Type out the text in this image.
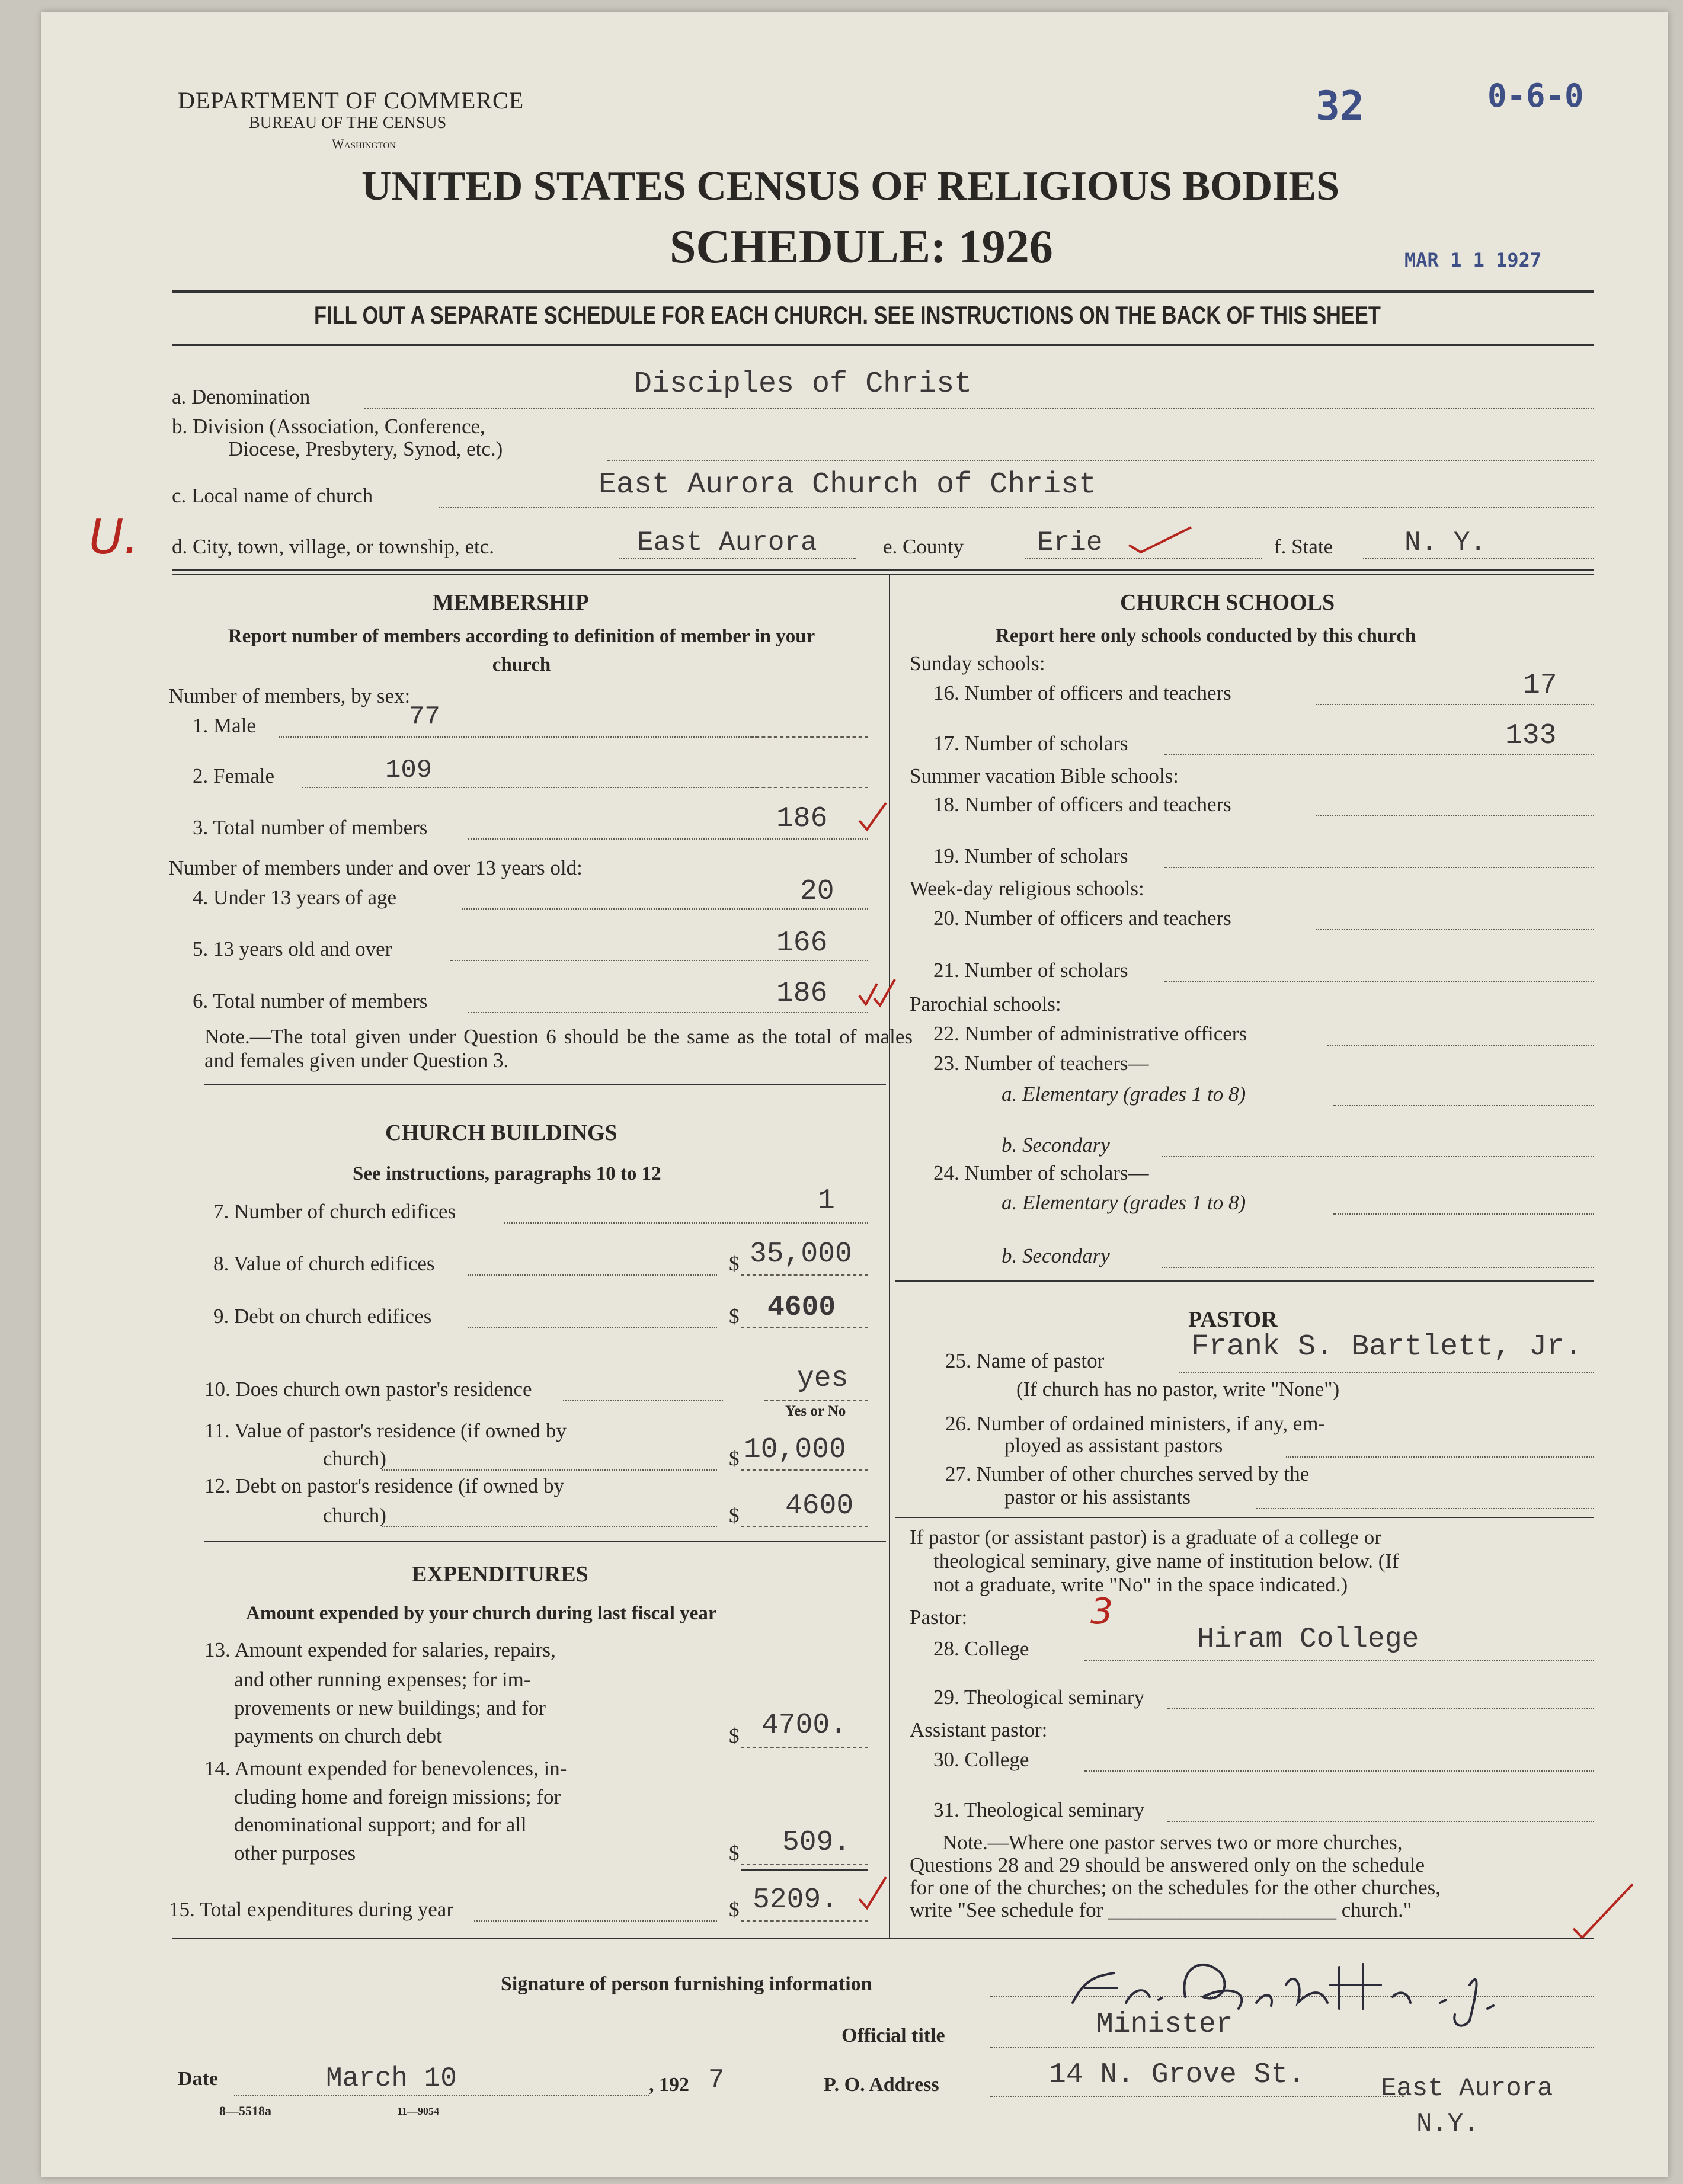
DEPARTMENT OF COMMERCE
BUREAU OF THE CENSUS
Washington
32	0-6-0
MAR 1 1 1927
UNITED STATES CENSUS OF RELIGIOUS BODIES
SCHEDULE: 1926
FILL OUT A SEPARATE SCHEDULE FOR EACH CHURCH. SEE INSTRUCTIONS ON THE BACK OF THIS SHEET
U.
a. Denomination	Disciples of Christ
b. Division (Association, Conference,
Diocese, Presbytery, Synod, etc.)
c. Local name of church	East Aurora Church of Christ
d. City, town, village, or township, etc.	East Aurora	e. County	Erie	f. State	N. Y.
MEMBERSHIP
Report number of members according to definition of member in your church
Number of members, by sex:
1. Male	77
2. Female	109
3. Total number of members	186
Number of members under and over 13 years old:
4. Under 13 years of age	20
5. 13 years old and over	166
6. Total number of members	186
Note.—The total given under Question 6 should be the same as the total of males and females given under Question 3.
CHURCH BUILDINGS
See instructions, paragraphs 10 to 12
7. Number of church edifices	1
8. Value of church edifices	$ 35,000
9. Debt on church edifices	$ 4600
10. Does church own pastor's residence	yes
Yes or No
11. Value of pastor's residence (if owned by
church)	$ 10,000
12. Debt on pastor's residence (if owned by
church)	$ 4600
EXPENDITURES
Amount expended by your church during last fiscal year
13. Amount expended for salaries, repairs,
and other running expenses; for im-
provements or new buildings; and for
payments on church debt	$ 4700.
14. Amount expended for benevolences, in-
cluding home and foreign missions; for
denominational support; and for all
other purposes	$ 509.
15. Total expenditures during year	$ 5209.
CHURCH SCHOOLS
Report here only schools conducted by this church
Sunday schools:
16. Number of officers and teachers	17
17. Number of scholars	133
Summer vacation Bible schools:
18. Number of officers and teachers
19. Number of scholars
Week-day religious schools:
20. Number of officers and teachers
21. Number of scholars
Parochial schools:
22. Number of administrative officers
23. Number of teachers—
a. Elementary (grades 1 to 8)
b. Secondary
24. Number of scholars—
a. Elementary (grades 1 to 8)
b. Secondary
PASTOR
25. Name of pastor	Frank S. Bartlett, Jr.
(If church has no pastor, write "None")
26. Number of ordained ministers, if any, em-
ployed as assistant pastors
27. Number of other churches served by the
pastor or his assistants
If pastor (or assistant pastor) is a graduate of a college or
theological seminary, give name of institution below. (If
not a graduate, write "No" in the space indicated.)
Pastor:	3
28. College	Hiram College
29. Theological seminary
Assistant pastor:
30. College
31. Theological seminary
Note.—Where one pastor serves two or more churches,
Questions 28 and 29 should be answered only on the schedule
for one of the churches; on the schedules for the other churches,
write "See schedule for ______________________ church."
Signature of person furnishing information
Official title	Minister
Date	March 10	, 192 7	P. O. Address	14 N. Grove St.	East Aurora
N.Y.
8—5518a	11—9054
